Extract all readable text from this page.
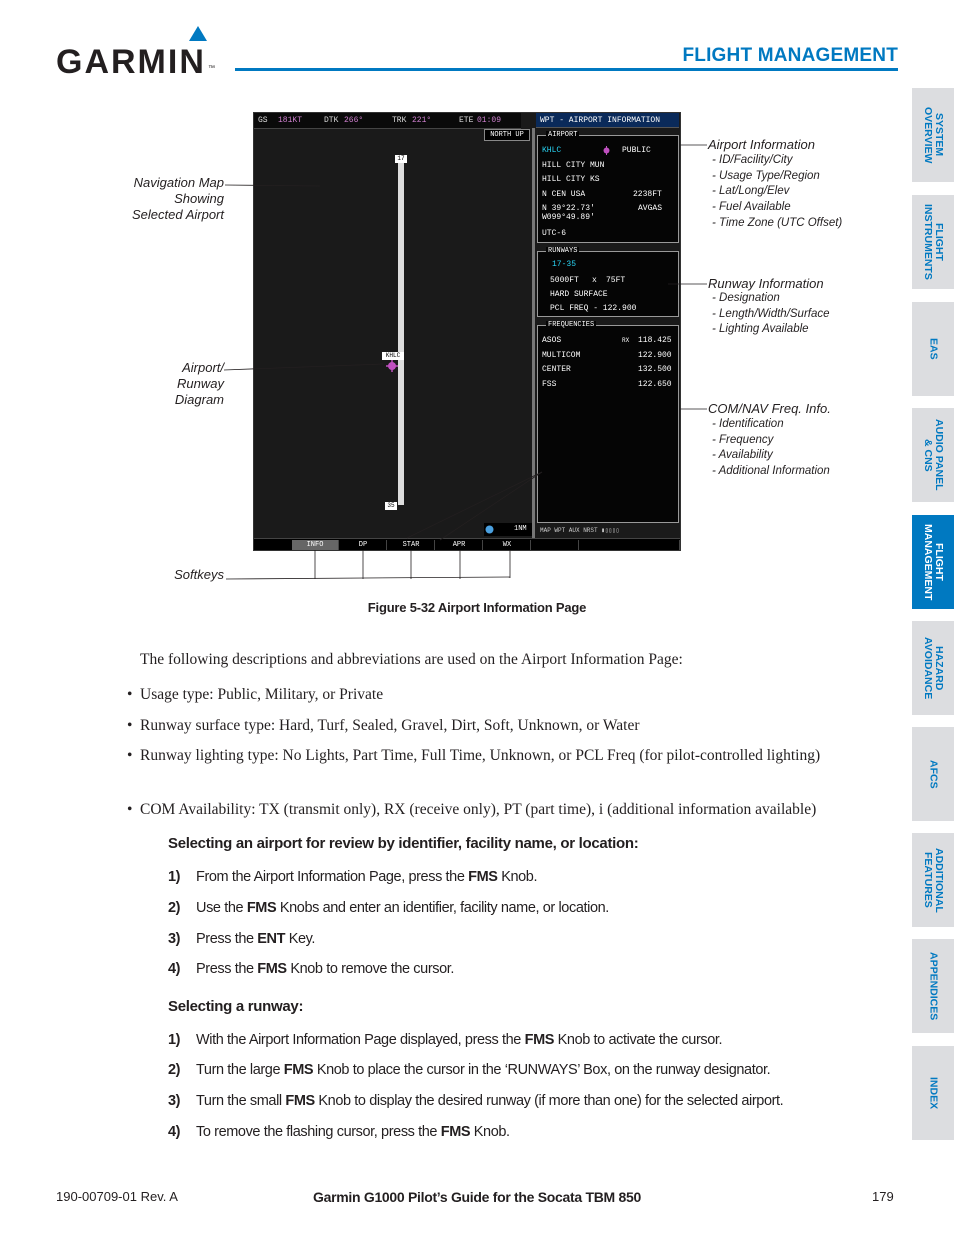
GARMIN ™
FLIGHT MANAGEMENT
SYSTEM
OVERVIEW
FLIGHT
INSTRUMENTS
EAS
AUDIO PANEL
& CNS
FLIGHT
MANAGEMENT
HAZARD
AVOIDANCE
AFCS
ADDITIONAL
FEATURES
APPENDICES
INDEX
GS 181KT	DTK 266°	TRK 221°	ETE 01:09	WPT - AIRPORT INFORMATION
NORTH UP
17
35
KHLC
AIRPORT
KHLC	PUBLIC
HILL CITY MUN
HILL CITY KS
N CEN USA	2238FT
N 39°22.73'	AVGAS
W099°49.89'
UTC-6
RUNWAYS
17-35
5000FT x 75FT
HARD SURFACE
PCL FREQ - 122.900
FREQUENCIES
ASOS	RX 118.425
MULTICOM	122.900
CENTER	132.500
FSS	122.650
1NM	MAP WPT AUX NRST ▮▯▯▯▯
INFO	DP	STAR	APR	WX
Navigation Map
Showing
Selected Airport
Airport/
Runway
Diagram
Softkeys
Airport Information
- ID/Facility/City
- Usage Type/Region
- Lat/Long/Elev
- Fuel Available
- Time Zone (UTC Offset)
Runway Information
- Designation
- Length/Width/Surface
- Lighting Available
COM/NAV Freq. Info.
- Identification
- Frequency
- Availability
- Additional Information
Figure 5-32 Airport Information Page
The following descriptions and abbreviations are used on the Airport Information Page:
• Usage type: Public, Military, or Private
• Runway surface type: Hard, Turf, Sealed, Gravel, Dirt, Soft, Unknown, or Water
• Runway lighting type: No Lights, Part Time, Full Time, Unknown, or PCL Freq (for pilot-controlled lighting)
• COM Availability: TX (transmit only), RX (receive only), PT (part time), i (additional information available)
Selecting an airport for review by identifier, facility name, or location:
1) From the Airport Information Page, press the FMS Knob.
2) Use the FMS Knobs and enter an identifier, facility name, or location.
3) Press the ENT Key.
4) Press the FMS Knob to remove the cursor.
Selecting a runway:
1) With the Airport Information Page displayed, press the FMS Knob to activate the cursor.
2) Turn the large FMS Knob to place the cursor in the ‘RUNWAYS’ Box, on the runway designator.
3) Turn the small FMS Knob to display the desired runway (if more than one) for the selected airport.
4) To remove the flashing cursor, press the FMS Knob.
190-00709-01 Rev. A	Garmin G1000 Pilot’s Guide for the Socata TBM 850	179
